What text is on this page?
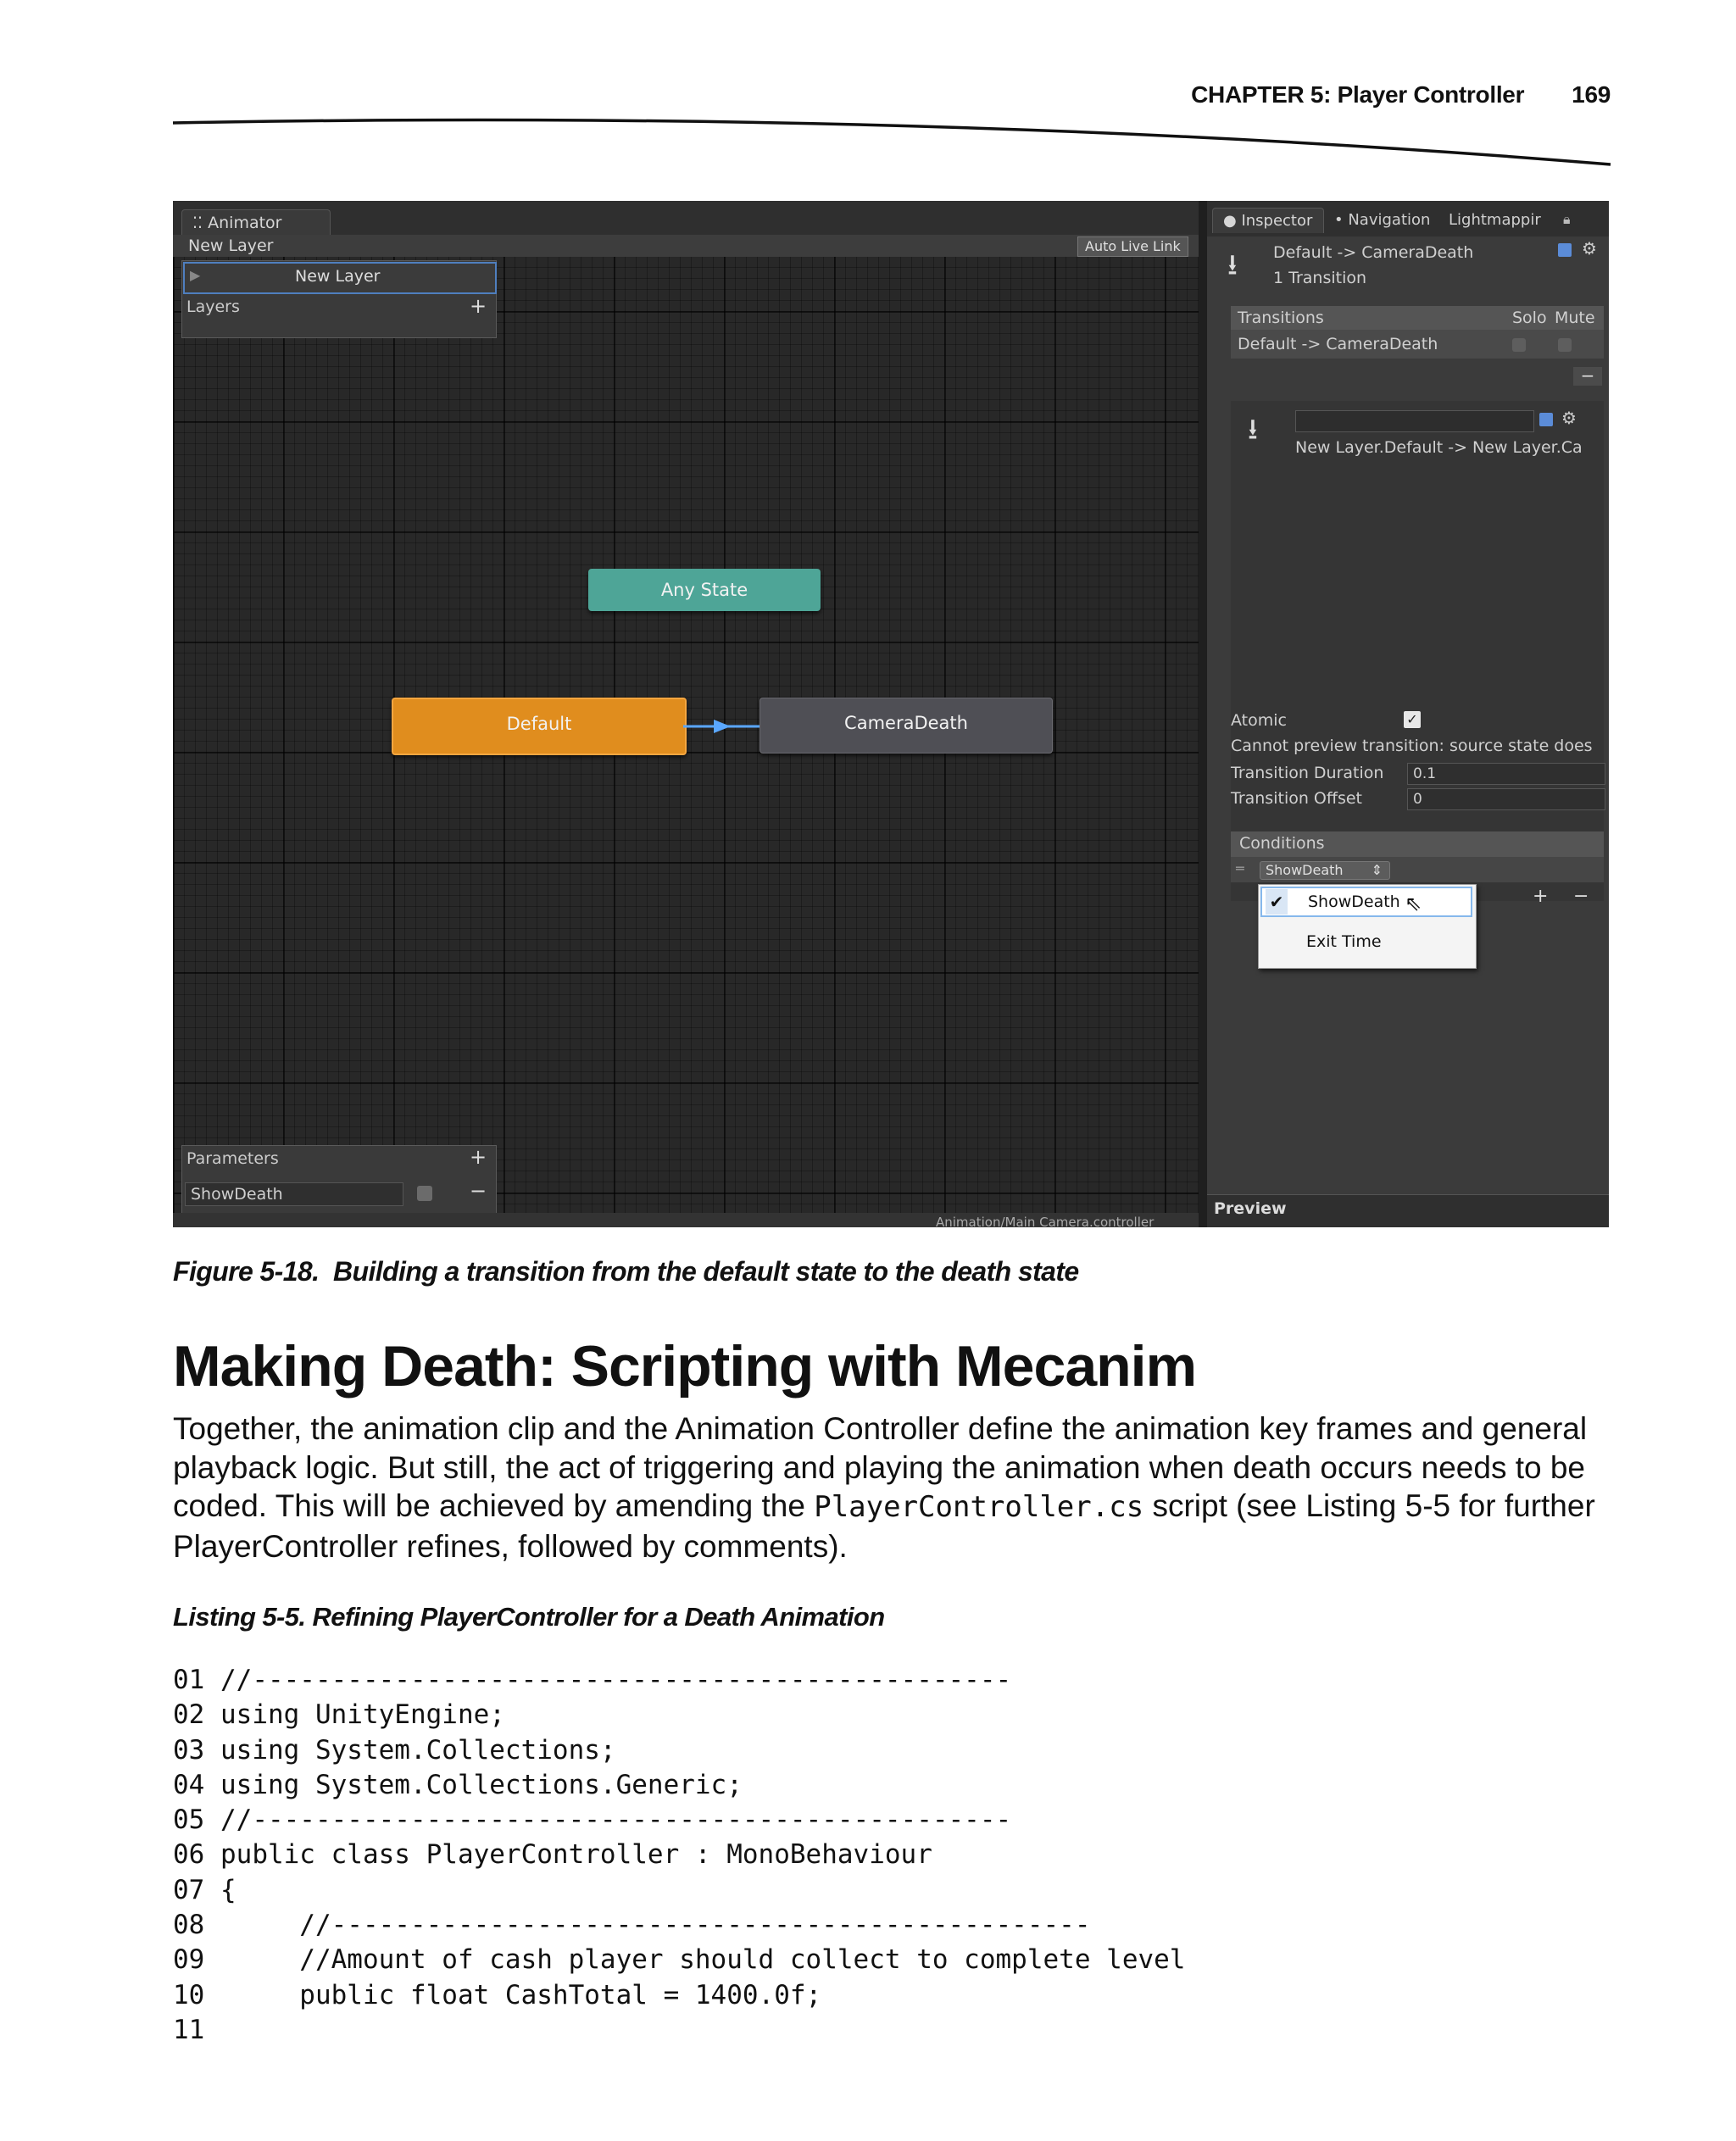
CHAPTER 5: Player Controller 169
⁚⁚ Animator
New Layer	Auto Live Link
▶	New Layer
Layers	+
Any State
Default	CameraDeath
Parameters	+
ShowDeath	−
Animation/Main Camera.controller
● Inspector	• Navigation Lightmappir	🔒︎
⭳ Default -> CameraDeath
1 Transition
⚙
Transitions	Solo Mute
Default -> CameraDeath
−
⭳	⚙
New Layer.Default -> New Layer.Ca
Atomic	✓
Cannot preview transition: source state does
Transition Duration	0.1
Transition Offset	0
Conditions
═	ShowDeath ⇕
+ −
✔ ShowDeath ⇖
Exit Time
Preview
Figure 5-18. Building a transition from the default state to the death state
Making Death: Scripting with Mecanim
Together, the animation clip and the Animation Controller define the animation key frames and general playback logic. But still, the act of triggering and playing the animation when death occurs needs to be coded. This will be achieved by amending the PlayerController.cs script (see Listing 5-5 for further PlayerController refines, followed by comments).
Listing 5-5. Refining PlayerController for a Death Animation
01 //------------------------------------------------
02 using UnityEngine;
03 using System.Collections;
04 using System.Collections.Generic;
05 //------------------------------------------------
06 public class PlayerController : MonoBehaviour
07 {
08      //------------------------------------------------
09      //Amount of cash player should collect to complete level
10      public float CashTotal = 1400.0f;
11
